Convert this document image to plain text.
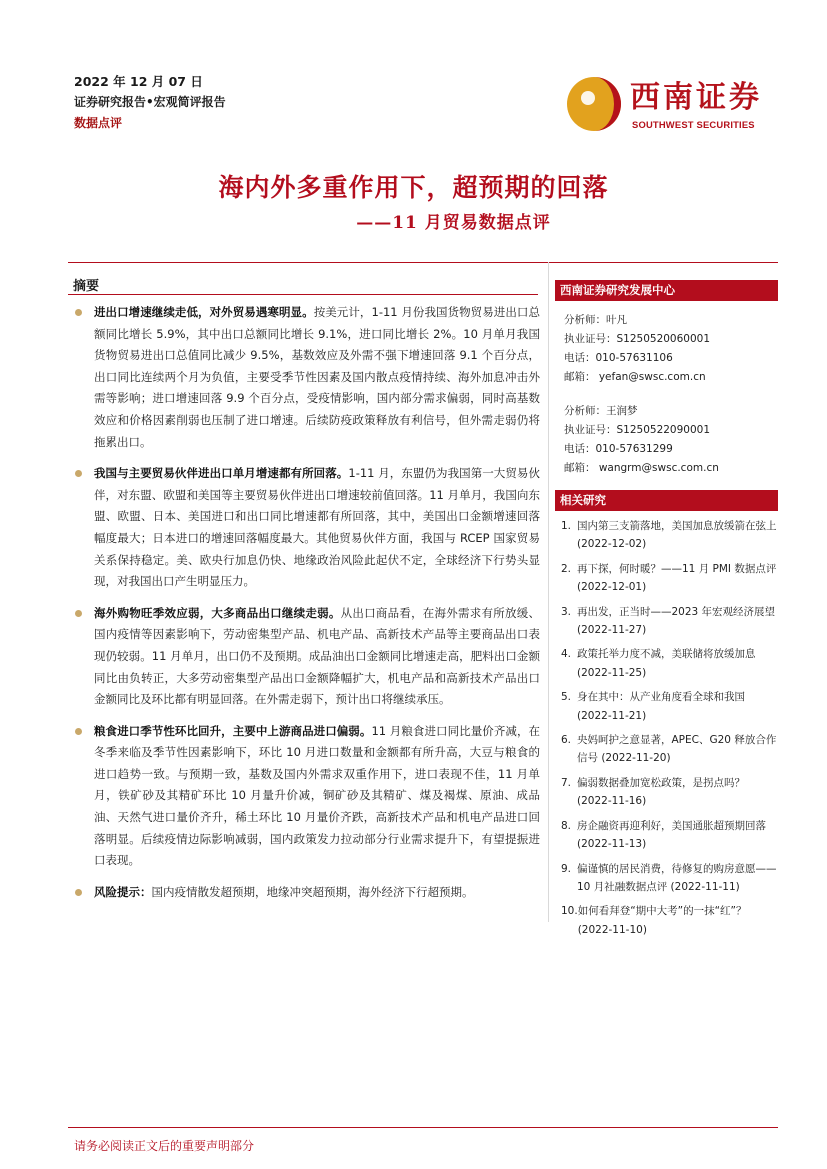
2022 年 12 月 07 日
证券研究报告•宏观简评报告
数据点评
西南证券
SOUTHWEST SECURITIES
海内外多重作用下，超预期的回落
——11 月贸易数据点评
摘要
进出口增速继续走低，对外贸易遇寒明显。按美元计，1-11 月份我国货物贸易进出口总额同比增长 5.9%，其中出口总额同比增长 9.1%，进口同比增长 2%。10 月单月我国货物贸易进出口总值同比减少 9.5%，基数效应及外需不强下增速回落 9.1 个百分点，出口同比连续两个月为负值，主要受季节性因素及国内散点疫情持续、海外加息冲击外需等影响；进口增速回落 9.9 个百分点，受疫情影响，国内部分需求偏弱，同时高基数效应和价格因素削弱也压制了进口增速。后续防疫政策释放有利信号，但外需走弱仍将拖累出口。
我国与主要贸易伙伴进出口单月增速都有所回落。1-11 月，东盟仍为我国第一大贸易伙伴，对东盟、欧盟和美国等主要贸易伙伴进出口增速较前值回落。11 月单月，我国向东盟、欧盟、日本、美国进口和出口同比增速都有所回落，其中，美国出口金额增速回落幅度最大；日本进口的增速回落幅度最大。其他贸易伙伴方面，我国与 RCEP 国家贸易关系保持稳定。美、欧央行加息仍快、地缘政治风险此起伏不定，全球经济下行势头显现，对我国出口产生明显压力。
海外购物旺季效应弱，大多商品出口继续走弱。从出口商品看，在海外需求有所放缓、国内疫情等因素影响下，劳动密集型产品、机电产品、高新技术产品等主要商品出口表现仍较弱。11 月单月，出口仍不及预期。成品油出口金额同比增速走高，肥料出口金额同比由负转正，大多劳动密集型产品出口金额降幅扩大，机电产品和高新技术产品出口金额同比及环比都有明显回落。在外需走弱下，预计出口将继续承压。
粮食进口季节性环比回升，主要中上游商品进口偏弱。11 月粮食进口同比量价齐减，在冬季来临及季节性因素影响下，环比 10 月进口数量和金额都有所升高，大豆与粮食的进口趋势一致。与预期一致，基数及国内外需求双重作用下，进口表现不佳，11 月单月，铁矿砂及其精矿环比 10 月量升价减，铜矿砂及其精矿、煤及褐煤、原油、成品油、天然气进口量价齐升，稀土环比 10 月量价齐跌，高新技术产品和机电产品进口回落明显。后续疫情边际影响减弱，国内政策发力拉动部分行业需求提升下，有望提振进口表现。
风险提示：国内疫情散发超预期，地缘冲突超预期，海外经济下行超预期。
西南证券研究发展中心
分析师：叶凡
执业证号：S1250520060001
电话：010-57631106
邮箱： yefan@swsc.com.cn
分析师：王润梦
执业证号：S1250522090001
电话：010-57631299
邮箱： wangrm@swsc.com.cn
相关研究
1. 国内第三支箭落地，美国加息放缓箭在弦上 (2022-12-02)
2. 再下探，何时暖？——11 月 PMI 数据点评 (2022-12-01)
3. 再出发，正当时——2023 年宏观经济展望 (2022-11-27)
4. 政策托举力度不减，美联储将放缓加息 (2022-11-25)
5. 身在其中：从产业角度看全球和我国 (2022-11-21)
6. 央妈呵护之意显著，APEC、G20 释放合作信号 (2022-11-20)
7. 偏弱数据叠加宽松政策，是拐点吗？ (2022-11-16)
8. 房企融资再迎利好，美国通胀超预期回落 (2022-11-13)
9. 偏谨慎的居民消费，待修复的购房意愿——10 月社融数据点评 (2022-11-11)
10. 如何看拜登“期中大考”的一抹“红”？ (2022-11-10)
请务必阅读正文后的重要声明部分
